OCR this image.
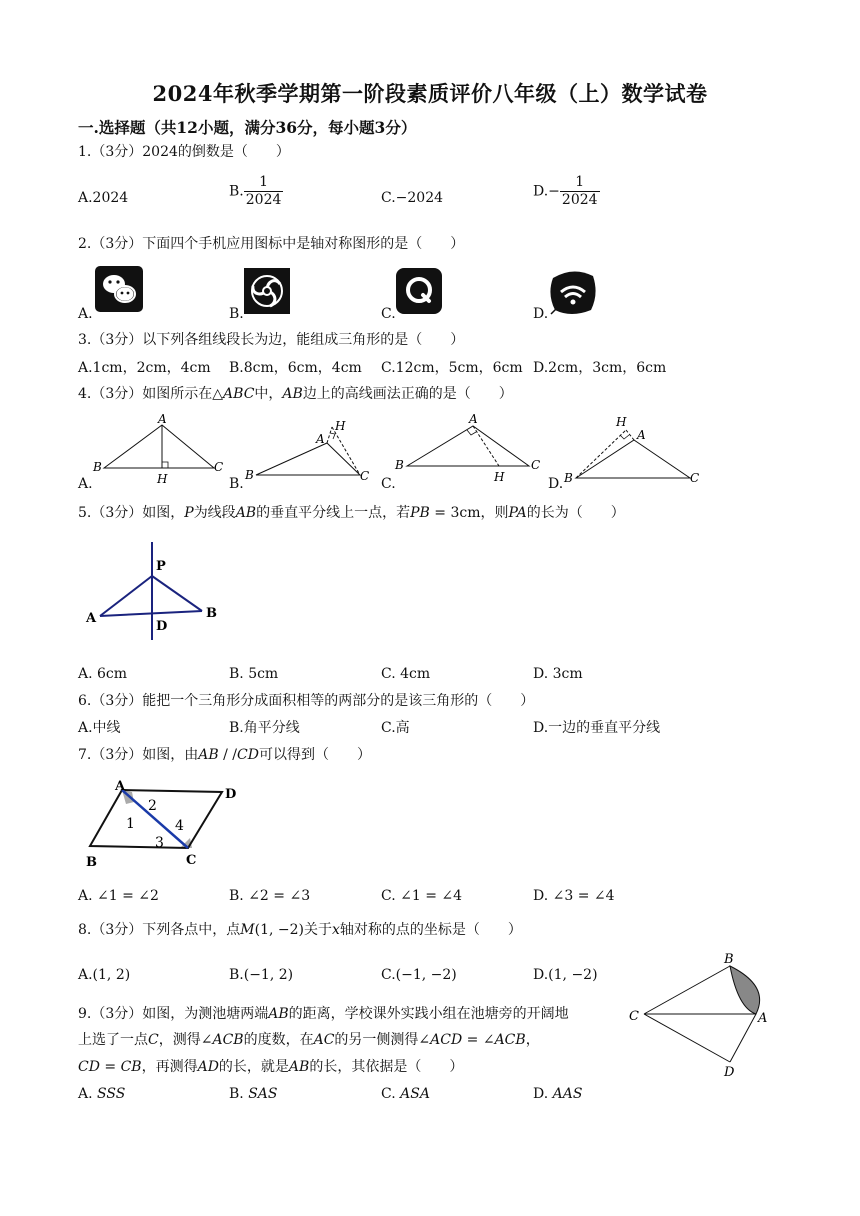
2024年秋季学期第一阶段素质评价八年级（上）数学试卷
一.选择题（共12小题，满分36分，每小题3分）
1.（3分）2024的倒数是（　　）
A.2024	B. $\frac{1}{2024}$	C.−2024	$D.- \frac{1}{2024}$
2.（3分）下面四个手机应用图标中是轴对称图形的是（　　）
A.	B.	C.	D.
3.（3分）以下列各组线段长为边，能组成三角形的是（　　）
A.1cm，2cm，4cm B.8cm，6cm，4cm C.12cm，5cm，6cm D.2cm，3cm，6cm
4.（3分）如图所示在△ABC中，AB边上的高线画法正确的是（　　）
A.
A
B	C
H	B.
A
B	C
H
C.
A
B	C
H	D.
A
B	C
H
5.（3分）如图，P为线段AB的垂直平分线上一点，若PB = 3cm，则PA的长为（　　）
P
A	B
D
A. 6cm	B. 5cm	C. 4cm	D. 3cm
6.（3分）能把一个三角形分成面积相等的两部分的是该三角形的（　　）
A.中线	B.角平分线	C.高	D.一边的垂直平分线
7.（3分）如图，由AB / /CD可以得到（　　）
A
D
B	C
2
1	4
3
A. ∠1 = ∠2	B. ∠2 = ∠3	C. ∠1 = ∠4	D. ∠3 = ∠4
8.（3分）下列各点中，点M(1, −2)关于x轴对称的点的坐标是（　　）
A.(1, 2)	B.(−1, 2)	C.(−1, −2)	D.(1, −2)
9.（3分）如图，为测池塘两端AB的距离，学校课外实践小组在池塘旁的开阔地
上选了一点C，测得∠ACB的度数，在AC的另一侧测得∠ACD = ∠ACB，
CD = CB，再测得AD的长，就是AB的长，其依据是（　　）
B
C	A
D
A. SSS	B. SAS	C. ASA	D. AAS
